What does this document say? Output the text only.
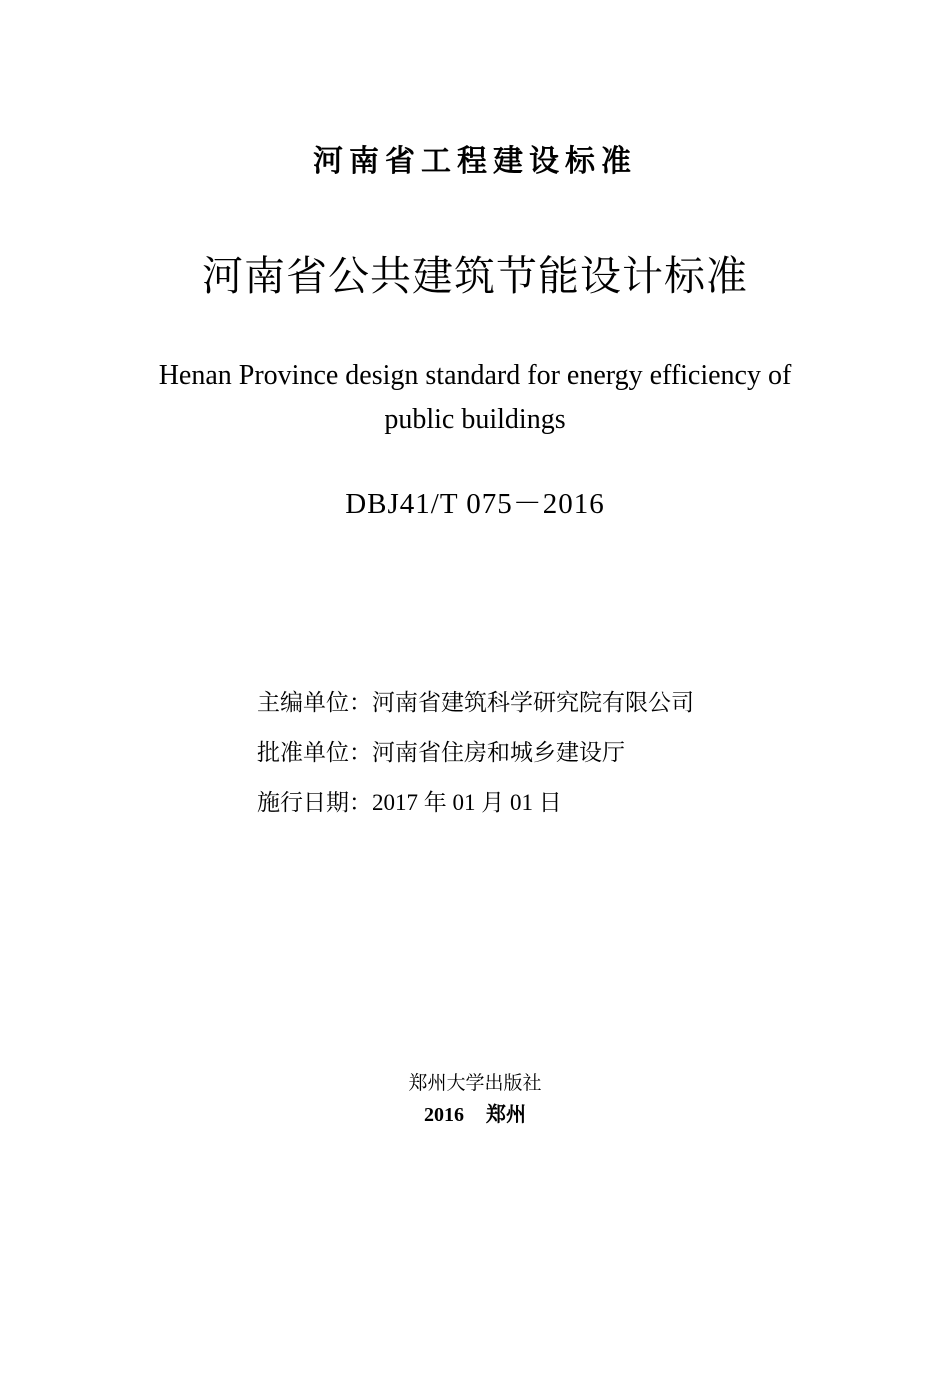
河南省工程建设标准
河南省公共建筑节能设计标准
Henan Province design standard for energy efficiency of
public buildings
DBJ41/T 075－2016
主编单位：河南省建筑科学研究院有限公司
批准单位：河南省住房和城乡建设厅
施行日期：2017 年 01 月 01 日
郑州大学出版社
2016 郑州
